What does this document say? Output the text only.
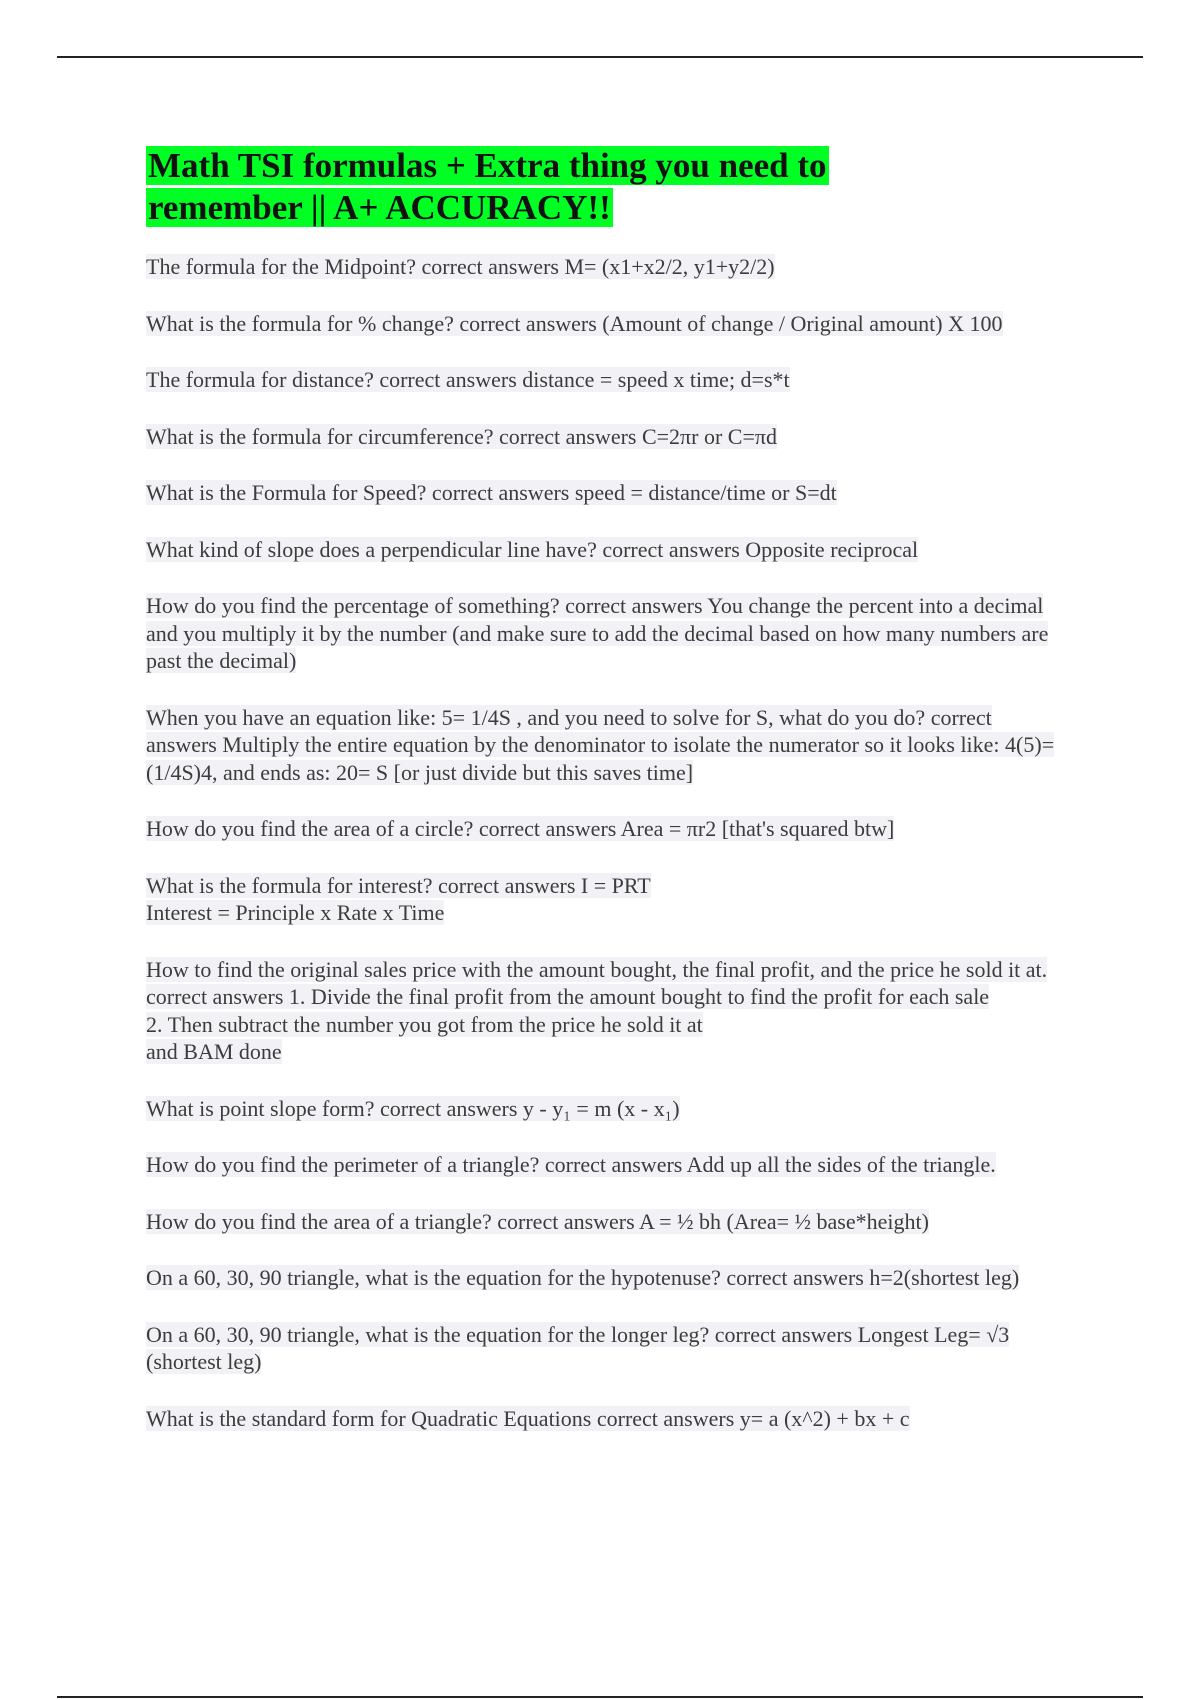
Math TSI formulas + Extra thing you need to remember || A+ ACCURACY!!

The formula for the Midpoint? correct answers M= (x1+x2/2, y1+y2/2)

What is the formula for % change? correct answers (Amount of change / Original amount) X 100

The formula for distance? correct answers distance = speed x time; d=s*t

What is the formula for circumference? correct answers C=2πr or C=πd

What is the Formula for Speed? correct answers speed = distance/time or S=dt

What kind of slope does a perpendicular line have? correct answers Opposite reciprocal

How do you find the percentage of something? correct answers You change the percent into a decimal and you multiply it by the number (and make sure to add the decimal based on how many numbers are past the decimal)

When you have an equation like: 5= 1/4S , and you need to solve for S, what do you do? correct answers Multiply the entire equation by the denominator to isolate the numerator so it looks like: 4(5)= (1/4S)4, and ends as: 20= S [or just divide but this saves time]

How do you find the area of a circle? correct answers Area = πr2 [that's squared btw]

What is the formula for interest? correct answers I = PRT
Interest = Principle x Rate x Time

How to find the original sales price with the amount bought, the final profit, and the price he sold it at. correct answers 1. Divide the final profit from the amount bought to find the profit for each sale
2. Then subtract the number you got from the price he sold it at
and BAM done

What is point slope form? correct answers y - y₁ = m (x - x₁)

How do you find the perimeter of a triangle? correct answers Add up all the sides of the triangle.

How do you find the area of a triangle? correct answers A = ½ bh (Area= ½ base*height)

On a 60, 30, 90 triangle, what is the equation for the hypotenuse? correct answers h=2(shortest leg)

On a 60, 30, 90 triangle, what is the equation for the longer leg? correct answers Longest Leg= √3 (shortest leg)

What is the standard form for Quadratic Equations correct answers y= a (x^2) + bx + c
